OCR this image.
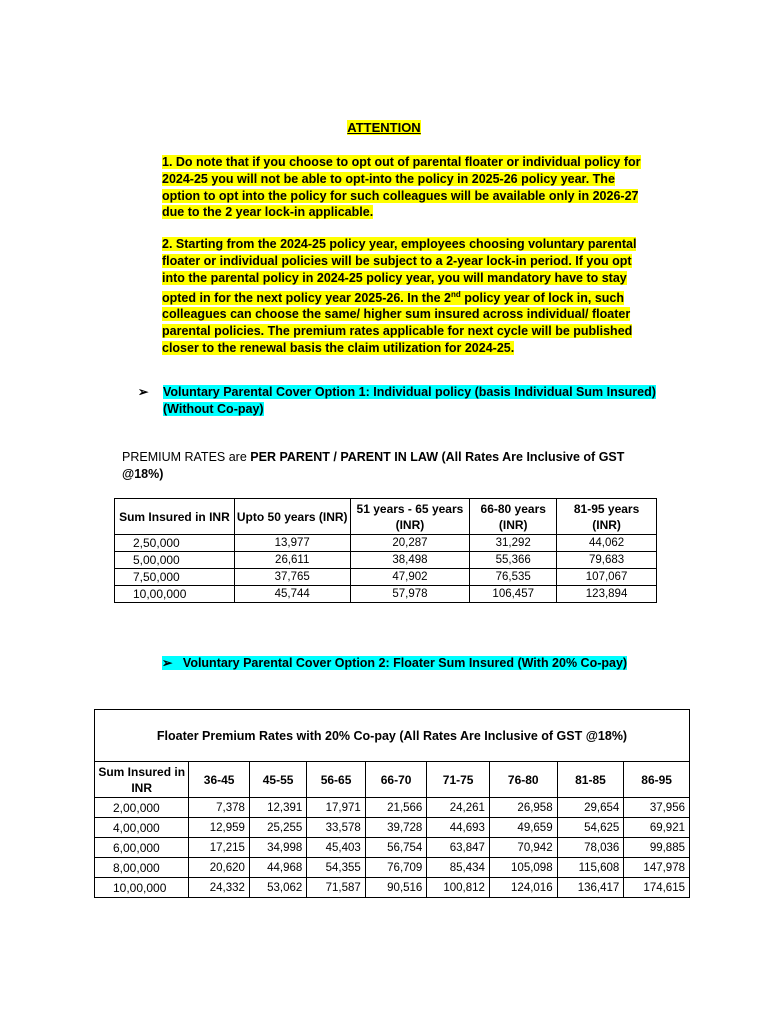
ATTENTION
1. Do note that if you choose to opt out of parental floater or individual policy for 2024-25 you will not be able to opt-into the policy in 2025-26 policy year. The option to opt into the policy for such colleagues will be available only in 2026-27 due to the 2 year lock-in applicable.
2. Starting from the 2024-25 policy year, employees choosing voluntary parental floater or individual policies will be subject to a 2-year lock-in period. If you opt into the parental policy in 2024-25 policy year, you will mandatory have to stay opted in for the next policy year 2025-26. In the 2nd policy year of lock in, such colleagues can choose the same/ higher sum insured across individual/ floater parental policies. The premium rates applicable for next cycle will be published closer to the renewal basis the claim utilization for 2024-25.
➢ Voluntary Parental Cover Option 1: Individual policy (basis Individual Sum Insured) (Without Co-pay)
PREMIUM RATES are PER PARENT / PARENT IN LAW (All Rates Are Inclusive of GST @18%)
Sum Insured in INR	Upto 50 years (INR)	51 years - 65 years (INR)	66-80 years (INR)	81-95 years (INR)
2,50,000	13,977	20,287	31,292	44,062
5,00,000	26,611	38,498	55,366	79,683
7,50,000	37,765	47,902	76,535	107,067
10,00,000	45,744	57,978	106,457	123,894
➢ Voluntary Parental Cover Option 2: Floater Sum Insured (With 20% Co-pay)
Floater Premium Rates with 20% Co-pay (All Rates Are Inclusive of GST @18%)								
Sum Insured in INR	36-45	45-55	56-65	66-70	71-75	76-80	81-85	86-95
2,00,000	7,378	12,391	17,971	21,566	24,261	26,958	29,654	37,956
4,00,000	12,959	25,255	33,578	39,728	44,693	49,659	54,625	69,921
6,00,000	17,215	34,998	45,403	56,754	63,847	70,942	78,036	99,885
8,00,000	20,620	44,968	54,355	76,709	85,434	105,098	115,608	147,978
10,00,000	24,332	53,062	71,587	90,516	100,812	124,016	136,417	174,615
